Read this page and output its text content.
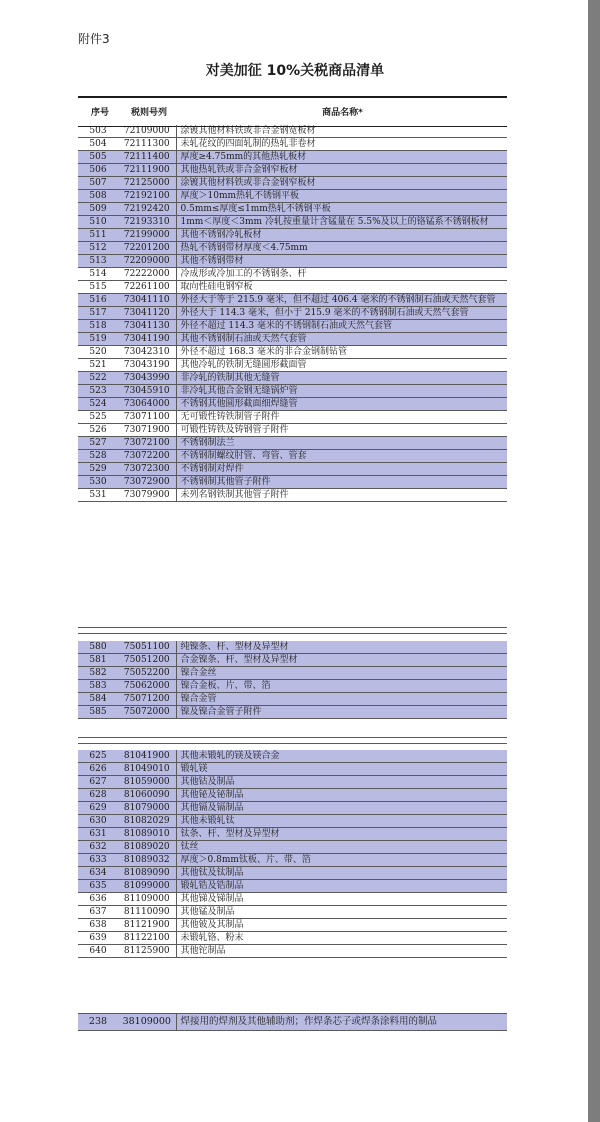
附件3
对美加征 10%关税商品清单
序号	税则号列	商品名称*
503	72109000	涂镀其他材料铁或非合金钢宽板材
504	72111300	未轧花纹的四面轧制的热轧非卷材
505	72111400	厚度≥4.75mm的其他热轧板材
506	72111900	其他热轧铁或非合金钢窄板材
507	72125000	涂镀其他材料铁或非合金钢窄板材
508	72192100	厚度＞10mm热轧不锈钢平板
509	72192420	0.5mm≤厚度≤1mm热轧不锈钢平板
510	72193310	1mm＜厚度＜3mm 冷轧按重量计含锰量在 5.5%及以上的铬锰系不锈钢板材
511	72199000	其他不锈钢冷轧板材
512	72201200	热轧不锈钢带材厚度＜4.75mm
513	72209000	其他不锈钢带材
514	72222000	冷成形或冷加工的不锈钢条、杆
515	72261100	取向性硅电钢窄板
516	73041110	外径大于等于 215.9 毫米，但不超过 406.4 毫米的不锈钢制石油或天然气套管
517	73041120	外径大于 114.3 毫米，但小于 215.9 毫米的不锈钢制石油或天然气套管
518	73041130	外径不超过 114.3 毫米的不锈钢制石油或天然气套管
519	73041190	其他不锈钢制石油或天然气套管
520	73042310	外径不超过 168.3 毫米的非合金钢制钻管
521	73043190	其他冷轧的铁制无缝圆形截面管
522	73043990	非冷轧的铁制其他无缝管
523	73045910	非冷轧其他合金钢无缝锅炉管
524	73064000	不锈钢其他圆形截面细焊缝管
525	73071100	无可锻性铸铁制管子附件
526	73071900	可锻性铸铁及铸钢管子附件
527	73072100	不锈钢制法兰
528	73072200	不锈钢制螺纹肘管、弯管、管套
529	73072300	不锈钢制对焊件
530	73072900	不锈钢制其他管子附件
531	73079900	未列名钢铁制其他管子附件
580	75051100	纯镍条、杆、型材及异型材
581	75051200	合金镍条、杆、型材及异型材
582	75052200	镍合金丝
583	75062000	镍合金板、片、带、箔
584	75071200	镍合金管
585	75072000	镍及镍合金管子附件
625	81041900	其他未锻轧的镁及镁合金
626	81049010	锻轧镁
627	81059000	其他钴及制品
628	81060090	其他铋及铋制品
629	81079000	其他镉及镉制品
630	81082029	其他未锻轧钛
631	81089010	钛条、杆、型材及异型材
632	81089020	钛丝
633	81089032	厚度＞0.8mm钛板、片、带、箔
634	81089090	其他钛及钛制品
635	81099000	锻轧锆及锆制品
636	81109000	其他锑及锑制品
637	81110090	其他锰及制品
638	81121900	其他铍及其制品
639	81122100	未锻轧铬、粉末
640	81125900	其他铊制品
238	38109000	焊接用的焊剂及其他辅助剂；作焊条芯子或焊条涂料用的制品
